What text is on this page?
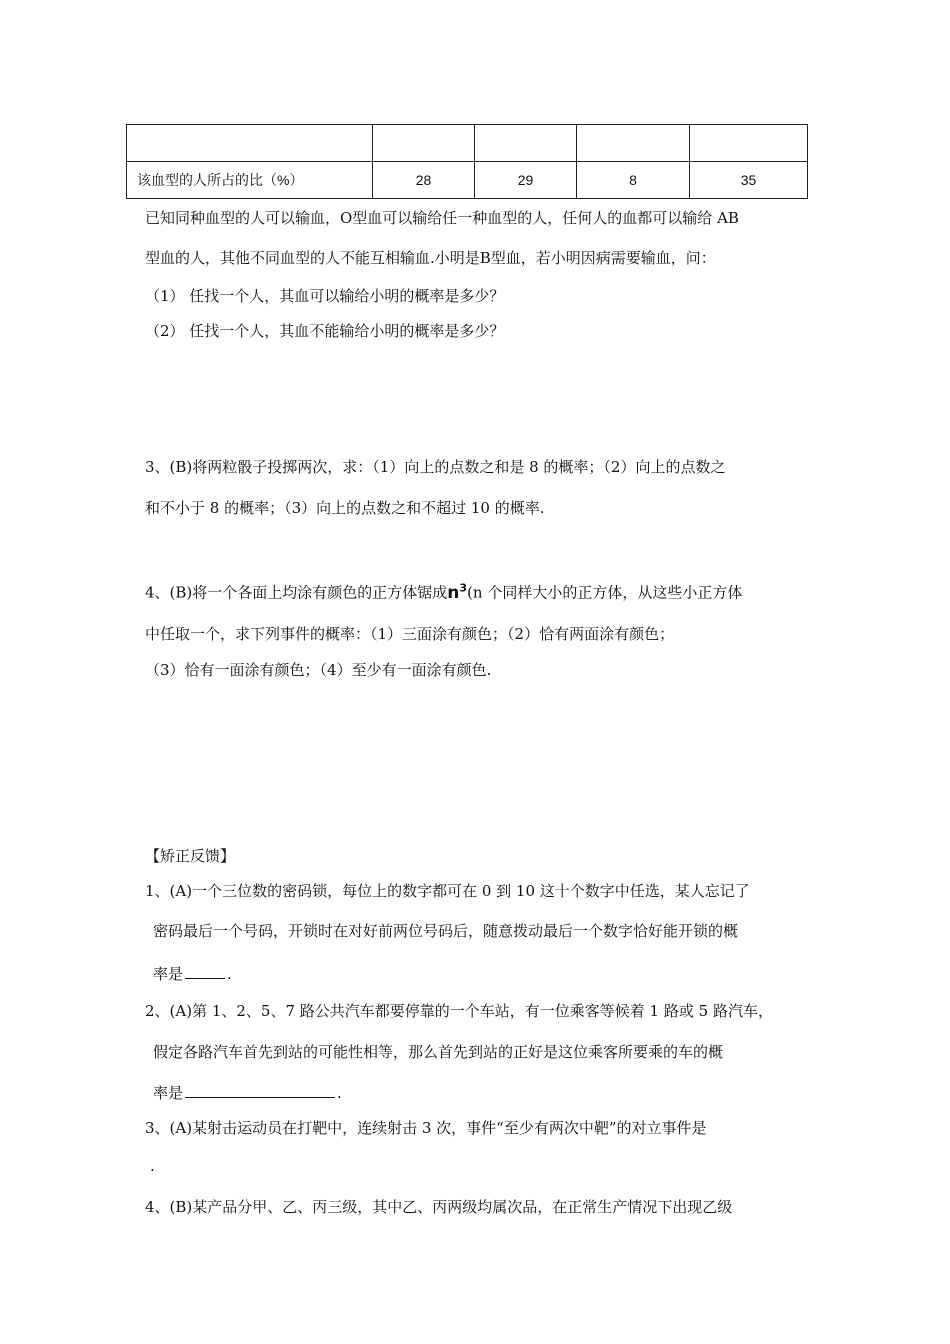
该血型的人所占的比（%）	28	29	8	35
已知同种血型的人可以输血，O型血可以输给任一种血型的人，任何人的血都可以输给 AB
型血的人，其他不同血型的人不能互相输血.小明是B型血，若小明因病需要输血，问：
（1） 任找一个人，其血可以输给小明的概率是多少？
（2） 任找一个人，其血不能输给小明的概率是多少？
3、(B)将两粒骰子投掷两次，求：（1）向上的点数之和是 8 的概率；（2）向上的点数之
和不小于 8 的概率；（3）向上的点数之和不超过 10 的概率.
4、(B)将一个各面上均涂有颜色的正方体锯成$n^3(n$ 个同样大小的正方体，从这些小正方体
中任取一个，求下列事件的概率：（1）三面涂有颜色；（2）恰有两面涂有颜色；
（3）恰有一面涂有颜色；（4）至少有一面涂有颜色.
【矫正反馈】
1、(A)一个三位数的密码锁，每位上的数字都可在 0 到 10 这十个数字中任选，某人忘记了
密码最后一个号码，开锁时在对好前两位号码后，随意拨动最后一个数字恰好能开锁的概
率是	.
2、(A)第 1、2、5、7 路公共汽车都要停靠的一个车站，有一位乘客等候着 1 路或 5 路汽车，
假定各路汽车首先到站的可能性相等，那么首先到站的正好是这位乘客所要乘的车的概
率是	.
3、(A)某射击运动员在打靶中，连续射击 3 次，事件“至少有两次中靶”的对立事件是
.
4、(B)某产品分甲、乙、丙三级，其中乙、丙两级均属次品，在正常生产情况下出现乙级
